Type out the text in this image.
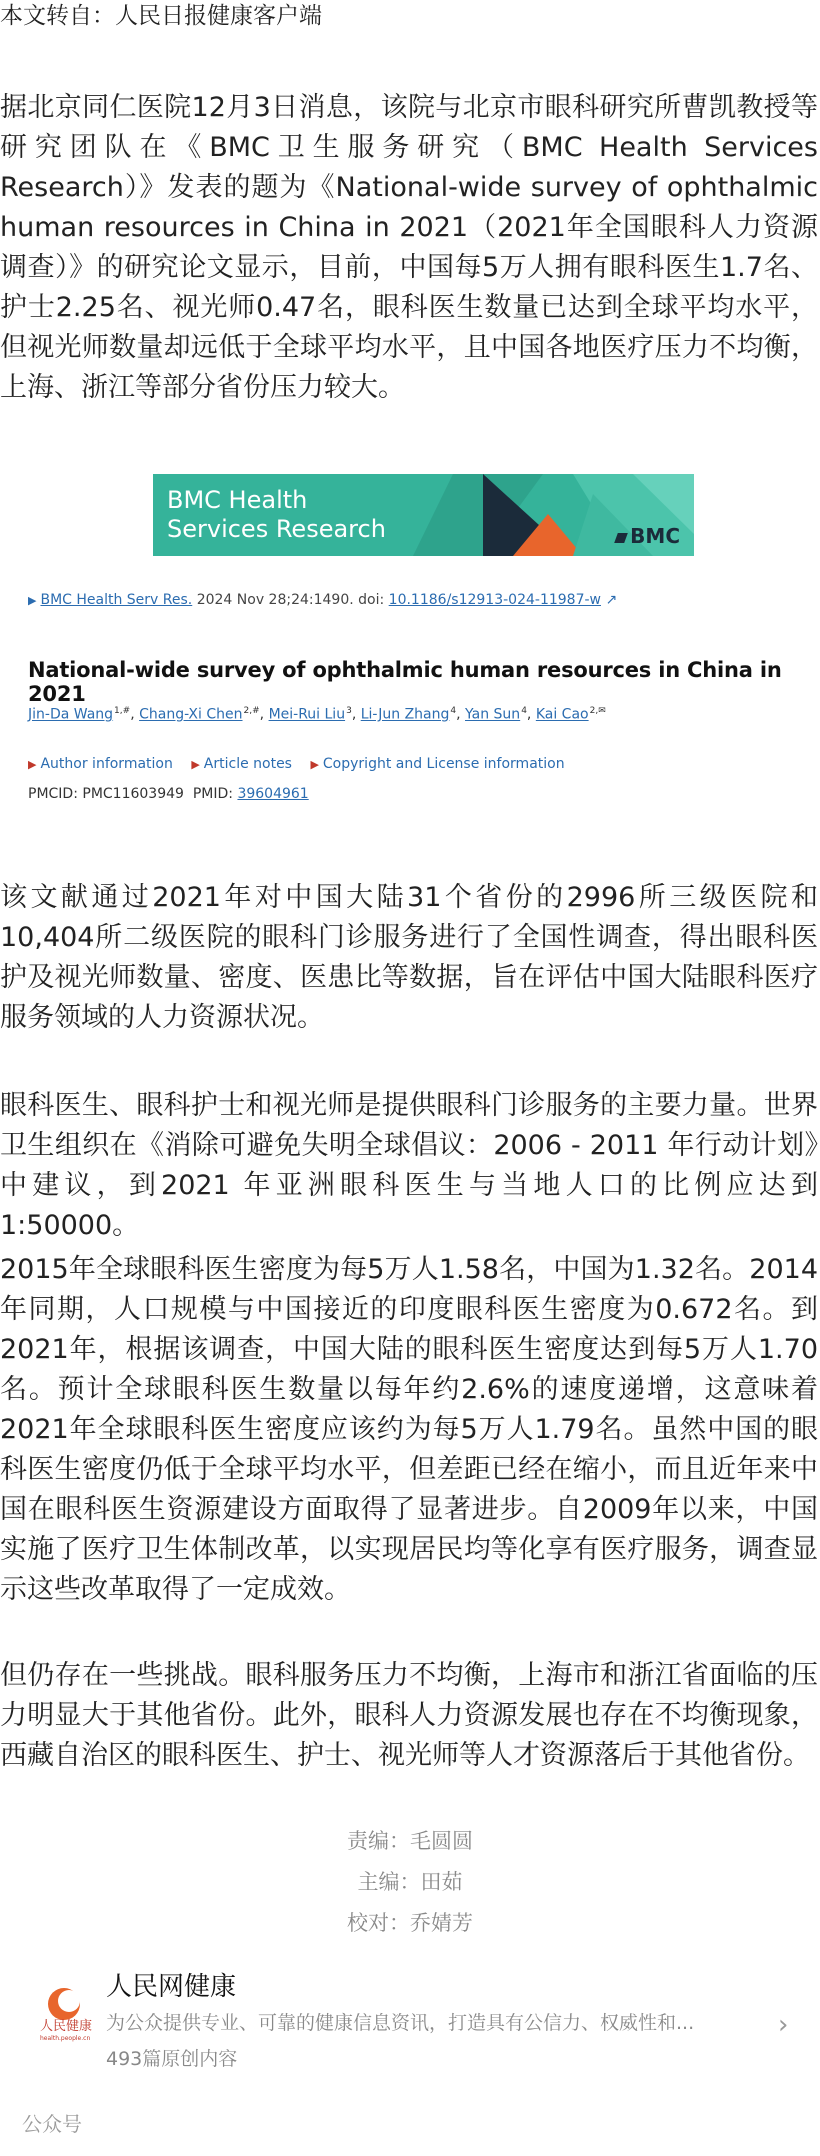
本文转自：人民日报健康客户端

据北京同仁医院12月3日消息，该院与北京市眼科研究所曹凯教授等研究团队在《BMC卫生服务研究（BMC Health Services Research）》发表的题为《National-wide survey of ophthalmic human resources in China in 2021（2021年全国眼科人力资源调查）》的研究论文显示，目前，中国每5万人拥有眼科医生1.7名、护士2.25名、视光师0.47名，眼科医生数量已达到全球平均水平，但视光师数量却远低于全球平均水平，且中国各地医疗压力不均衡，上海、浙江等部分省份压力较大。

BMC Health
Services Research	BMC
▶ BMC Health Serv Res. 2024 Nov 28;24:1490. doi: 10.1186/s12913-024-11987-w ↗
National-wide survey of ophthalmic human resources in China in 2021
Jin-Da Wang$^{1,\#}$, Chang-Xi Chen$^{2,\#}$, Mei-Rui Liu$^3$, Li-Jun Zhang$^4$, Yan Sun$^4$, Kai Cao$^{2,✉}$
▶ Author information ▶ Article notes ▶ Copyright and License information
PMCID: PMC11603949 PMID: 39604961

该文献通过2021年对中国大陆31个省份的2996所三级医院和10,404所二级医院的眼科门诊服务进行了全国性调查，得出眼科医护及视光师数量、密度、医患比等数据，旨在评估中国大陆眼科医疗服务领域的人力资源状况。

眼科医生、眼科护士和视光师是提供眼科门诊服务的主要力量。世界卫生组织在《消除可避免失明全球倡议：2006 - 2011 年行动计划》中建议，到2021 年亚洲眼科医生与当地人口的比例应达到 1:50000。

2015年全球眼科医生密度为每5万人1.58名，中国为1.32名。2014年同期，人口规模与中国接近的印度眼科医生密度为0.672名。到2021年，根据该调查，中国大陆的眼科医生密度达到每5万人1.70名。预计全球眼科医生数量以每年约2.6%的速度递增，这意味着2021年全球眼科医生密度应该约为每5万人1.79名。虽然中国的眼科医生密度仍低于全球平均水平，但差距已经在缩小，而且近年来中国在眼科医生资源建设方面取得了显著进步。自2009年以来，中国实施了医疗卫生体制改革，以实现居民均等化享有医疗服务，调查显示这些改革取得了一定成效。

但仍存在一些挑战。眼科服务压力不均衡，上海市和浙江省面临的压力明显大于其他省份。此外，眼科人力资源发展也存在不均衡现象，西藏自治区的眼科医生、护士、视光师等人才资源落后于其他省份。

责编：毛圆圆
主编：田茹
校对：乔婧芳
人民健康
health.people.cn
人民网健康
为公众提供专业、可靠的健康信息资讯，打造具有公信力、权威性和...
493篇原创内容
›
公众号
